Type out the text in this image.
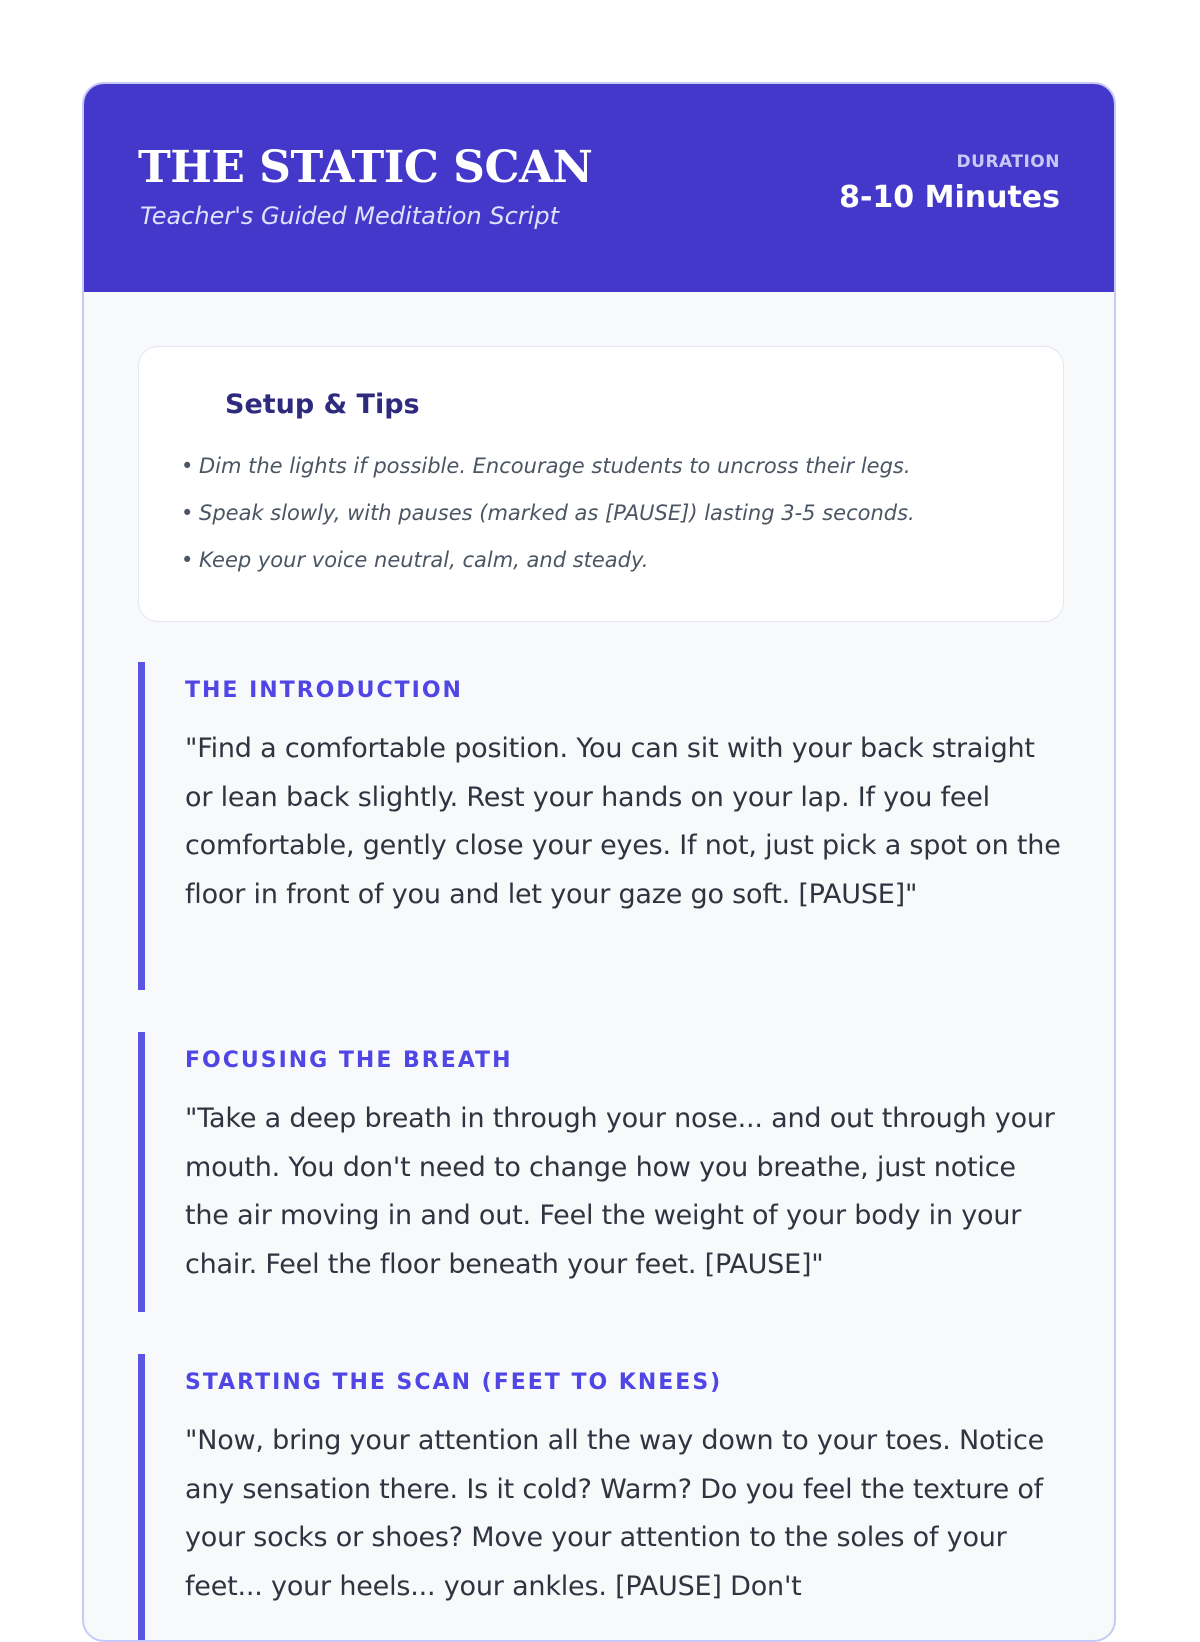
THE STATIC SCAN
Teacher's Guided Meditation Script
DURATION
8-10 Minutes
Setup & Tips
• Dim the lights if possible. Encourage students to uncross their legs.
• Speak slowly, with pauses (marked as [PAUSE]) lasting 3-5 seconds.
• Keep your voice neutral, calm, and steady.
THE INTRODUCTION

"Find a comfortable position. You can sit with your back straight or lean back slightly. Rest your hands on your lap. If you feel comfortable, gently close your eyes. If not, just pick a spot on the floor in front of you and let your gaze go soft. [PAUSE]"

FOCUSING THE BREATH

"Take a deep breath in through your nose... and out through your mouth. You don't need to change how you breathe, just notice the air moving in and out. Feel the weight of your body in your chair. Feel the floor beneath your feet. [PAUSE]"

STARTING THE SCAN (FEET TO KNEES)

"Now, bring your attention all the way down to your toes. Notice any sensation there. Is it cold? Warm? Do you feel the texture of your socks or shoes? Move your attention to the soles of your feet... your heels... your ankles. [PAUSE] Don't
